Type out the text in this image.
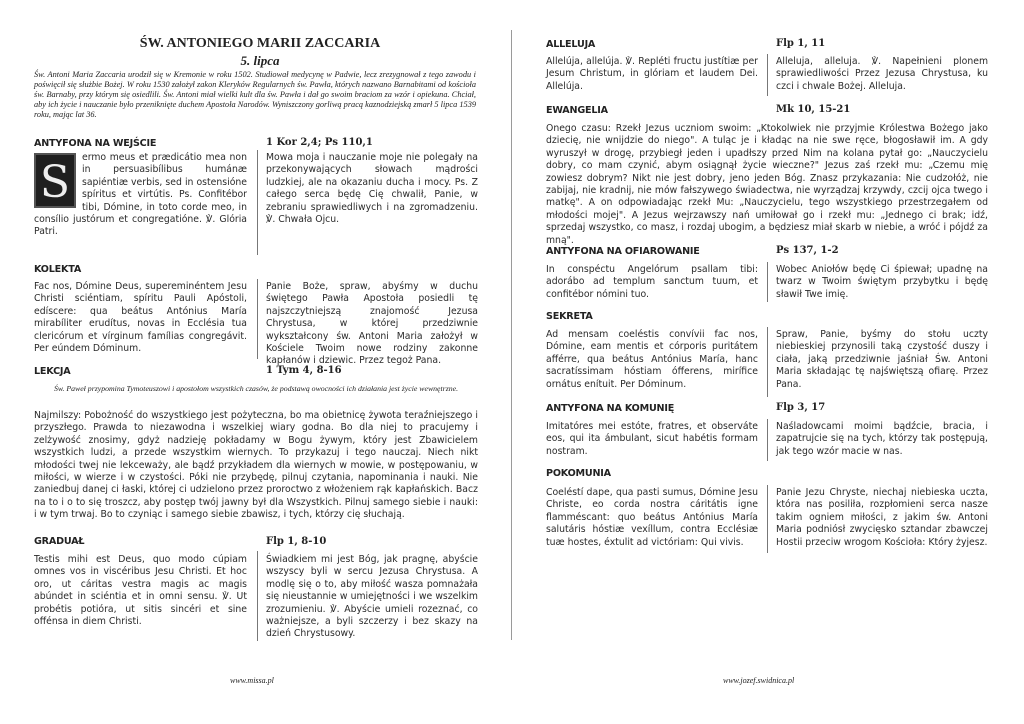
ŚW. ANTONIEGO MARII ZACCARIA
5. lipca

Św. Antoni Maria Zaccaria urodził się w Kremonie w roku 1502. Studiował medycynę w Padwie, lecz zrezygnował z tego zawodu i poświęcił się służbie Bożej. W roku 1530 założył zakon Kleryków Regularnych św. Pawła, których nazwano Barnabitami od kościoła św. Barnaby, przy którym się osiedlili. Św. Antoni miał wielki kult dla św. Pawła i dał go swoim braciom za wzór i opiekuna. Chciał, aby ich życie i nauczanie było przeniknięte duchem Apostoła Narodów. Wyniszczony gorliwą pracą kaznodziejską zmarł 5 lipca 1539 roku, mając lat 36.

ANTYFONA NA WEJŚCIE	1 Kor 2,4; Ps 110,1
S	ermo meus et prædicátio mea non in persuasibílibus humánæ sapiéntiæ verbis, sed in ostensióne spíritus et virtútis. Ps. Confitébor tibi, Dómine, in toto corde meo, in consílio justórum et congregatióne. ℣. Glória Patri.

Mowa moja i nauczanie moje nie polegały na przekonywających słowach mądrości ludzkiej, ale na okazaniu ducha i mocy. Ps. Z całego serca będę Cię chwalił, Panie, w zebraniu sprawiedliwych i na zgromadzeniu. ℣. Chwała Ojcu.

KOLEKTA

Fac nos, Dómine Deus, supereminéntem Jesu Christi sciéntiam, spíritu Pauli Apóstoli, edíscere: qua beátus Antónius María mirabíliter erudítus, novas in Ecclésia tua clericórum et vírginum famílias congregávit. Per eúndem Dóminum.

Panie Boże, spraw, abyśmy w duchu świętego Pawła Apostoła posiedli tę najszczytniejszą znajomość Jezusa Chrystusa, w której przedziwnie wykształcony św. Antoni Maria założył w Kościele Twoim nowe rodziny zakonne kapłanów i dziewic. Przez tegoż Pana.

LEKCJA	1 Tym 4, 8-16

Św. Paweł przypomina Tymoteuszowi i apostołom wszystkich czasów, że podstawą owocności ich działania jest życie wewnętrzne.

Najmilszy: Pobożność do wszystkiego jest pożyteczna, bo ma obietnicę żywota teraźniejszego i przyszłego. Prawda to niezawodna i wszelkiej wiary godna. Bo dla niej to pracujemy i zelżywość znosimy, gdyż nadzieję pokładamy w Bogu żywym, który jest Zbawicielem wszystkich ludzi, a przede wszystkim wiernych. To przykazuj i tego nauczaj. Niech nikt młodości twej nie lekceważy, ale bądź przykładem dla wiernych w mowie, w postępowaniu, w miłości, w wierze i w czystości. Póki nie przybędę, pilnuj czytania, napominania i nauki. Nie zaniedbuj danej ci łaski, której ci udzielono przez proroctwo z włożeniem rąk kapłańskich. Bacz na to i o to się troszcz, aby postęp twój jawny był dla Wszystkich. Pilnuj samego siebie i nauki: i w tym trwaj. Bo to czyniąc i samego siebie zbawisz, i tych, którzy cię słuchają.

GRADUAŁ	Flp 1, 8-10

Testis mihi est Deus, quo modo cúpiam omnes vos in viscéribus Jesu Christi. Et hoc oro, ut cáritas vestra magis ac magis abúndet in sciéntia et in omni sensu. ℣. Ut probétis potióra, ut sitis sincéri et sine offénsa in diem Christi.

Świadkiem mi jest Bóg, jak pragnę, abyście wszyscy byli w sercu Jezusa Chrystusa. A modlę się o to, aby miłość wasza pomnażała się nieustannie w umiejętności i we wszelkim zrozumieniu. ℣. Abyście umieli rozeznać, co ważniejsze, a byli szczerzy i bez skazy na dzień Chrystusowy.

www.missa.pl
ALLELUJA	Flp 1, 11

Allelúja, allelúja. ℣. Repléti fructu justítiæ per Jesum Christum, in glóriam et laudem Dei. Allelúja.

Alleluja, alleluja. ℣. Napełnieni plonem sprawiedliwości Przez Jezusa Chrystusa, ku czci i chwale Bożej. Alleluja.

EWANGELIA	Mk 10, 15-21

Onego czasu: Rzekł Jezus uczniom swoim: „Ktokolwiek nie przyjmie Królestwa Bożego jako dziecię, nie wnijdzie do niego". A tuląc je i kładąc na nie swe ręce, błogosławił im. A gdy wyruszył w drogę, przybiegł jeden i upadłszy przed Nim na kolana pytał go: „Nauczycielu dobry, co mam czynić, abym osiągnął życie wieczne?" Jezus zaś rzekł mu: „Czemu mię zowiesz dobrym? Nikt nie jest dobry, jeno jeden Bóg. Znasz przykazania: Nie cudzołóż, nie zabijaj, nie kradnij, nie mów fałszywego świadectwa, nie wyrządzaj krzywdy, czcij ojca twego i matkę". A on odpowiadając rzekł Mu: „Nauczycielu, tego wszystkiego przestrzegałem od młodości mojej". A Jezus wejrzawszy nań umiłował go i rzekł mu: „Jednego ci brak; idź, sprzedaj wszystko, co masz, i rozdaj ubogim, a będziesz miał skarb w niebie, a wróć i pójdź za mną".

ANTYFONA NA OFIAROWANIE	Ps 137, 1-2

In conspéctu Angelórum psallam tibi: adorábo ad templum sanctum tuum, et confitébor nómini tuo.

Wobec Aniołów będę Ci śpiewał; upadnę na twarz w Twoim świętym przybytku i będę sławił Twe imię.

SEKRETA

Ad mensam coeléstis convívii fac nos, Dómine, eam mentis et córporis puritátem afférre, qua beátus Antónius María, hanc sacratíssimam hóstiam ófferens, mirífice ornátus enítuit. Per Dóminum.

Spraw, Panie, byśmy do stołu uczty niebieskiej przynosili taką czystość duszy i ciała, jaką przedziwnie jaśniał Św. Antoni Maria składając tę najświętszą ofiarę. Przez Pana.

ANTYFONA NA KOMUNIĘ	Flp 3, 17

Imitatóres mei estóte, fratres, et observáte eos, qui ita ámbulant, sicut habétis formam nostram.

Naśladowcami moimi bądźcie, bracia, i zapatrujcie się na tych, którzy tak postępują, jak tego wzór macie w nas.

POKOMUNIA

Coeléstí dape, qua pasti sumus, Dómine Jesu Christe, eo corda nostra cáritátis igne flamméscant: quo beátus Antónius María salutáris hóstiæ vexíllum, contra Ecclésiæ tuæ hostes, éxtulit ad victóriam: Qui vivis.

Panie Jezu Chryste, niechaj niebieska uczta, która nas posiliła, rozpłomieni serca nasze takim ogniem miłości, z jakim św. Antoni Maria podniósł zwycięsko sztandar zbawczej Hostii przeciw wrogom Kościoła: Który żyjesz.

www.jozef.swidnica.pl
